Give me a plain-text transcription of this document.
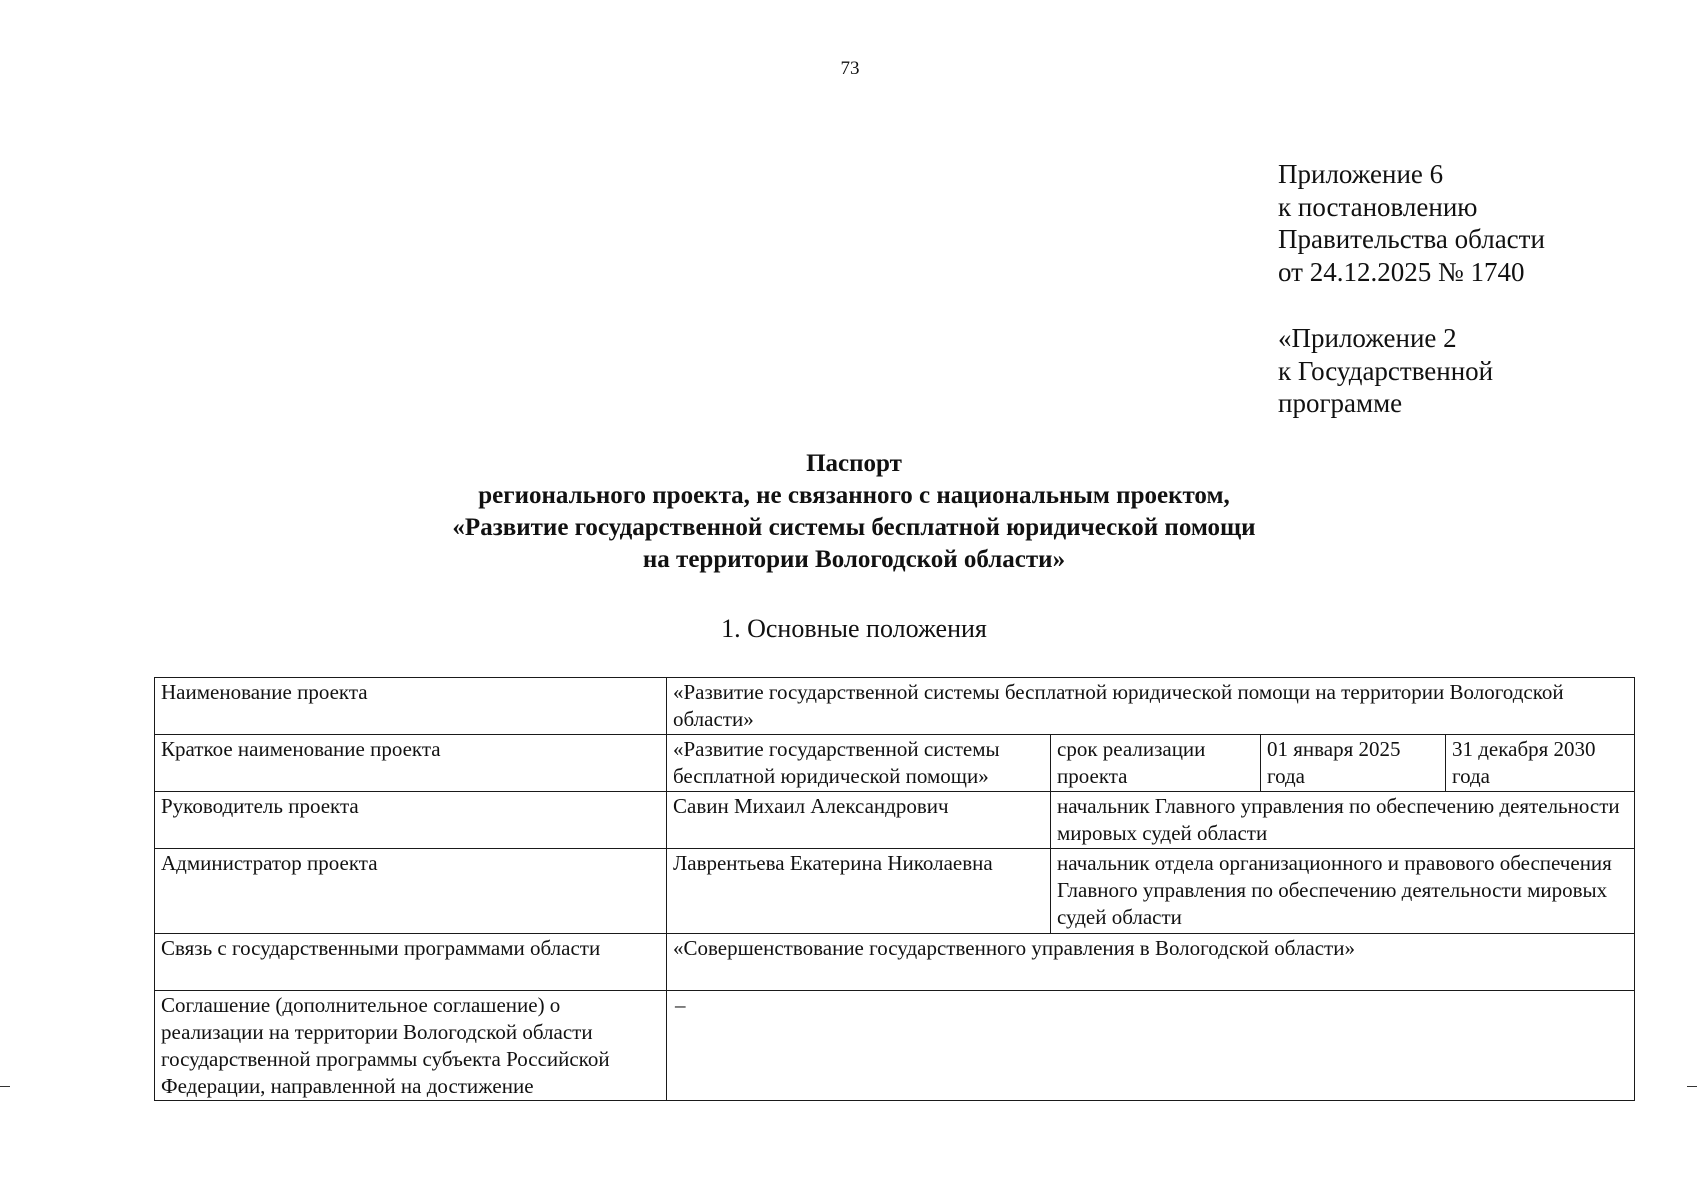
73
Приложение 6
к постановлению
Правительства области
от 24.12.2025 № 1740
«Приложение 2
к Государственной
программе
Паспорт
регионального проекта, не связанного с национальным проектом,
«Развитие государственной системы бесплатной юридической помощи
на территории Вологодской области»
1. Основные положения
Наименование проекта	«Развитие государственной системы бесплатной юридической помощи на территории Вологодской области»			
Краткое наименование проекта	«Развитие государственной системы бесплатной юридической помощи»	срок реализации проекта	01 января 2025 года	31 декабря 2030 года
Руководитель проекта	Савин Михаил Александрович	начальник Главного управления по обеспечению деятельности мировых судей области		
Администратор проекта	Лаврентьева Екатерина Николаевна	начальник отдела организационного и правового обеспечения Главного управления по обеспечению деятельности мировых судей области		
Связь с государственными программами области	«Совершенствование государственного управления в Вологодской области»			
Соглашение (дополнительное соглашение) о реализации на территории Вологодской области государственной программы субъекта Российской Федерации, направленной на достижение	–			
